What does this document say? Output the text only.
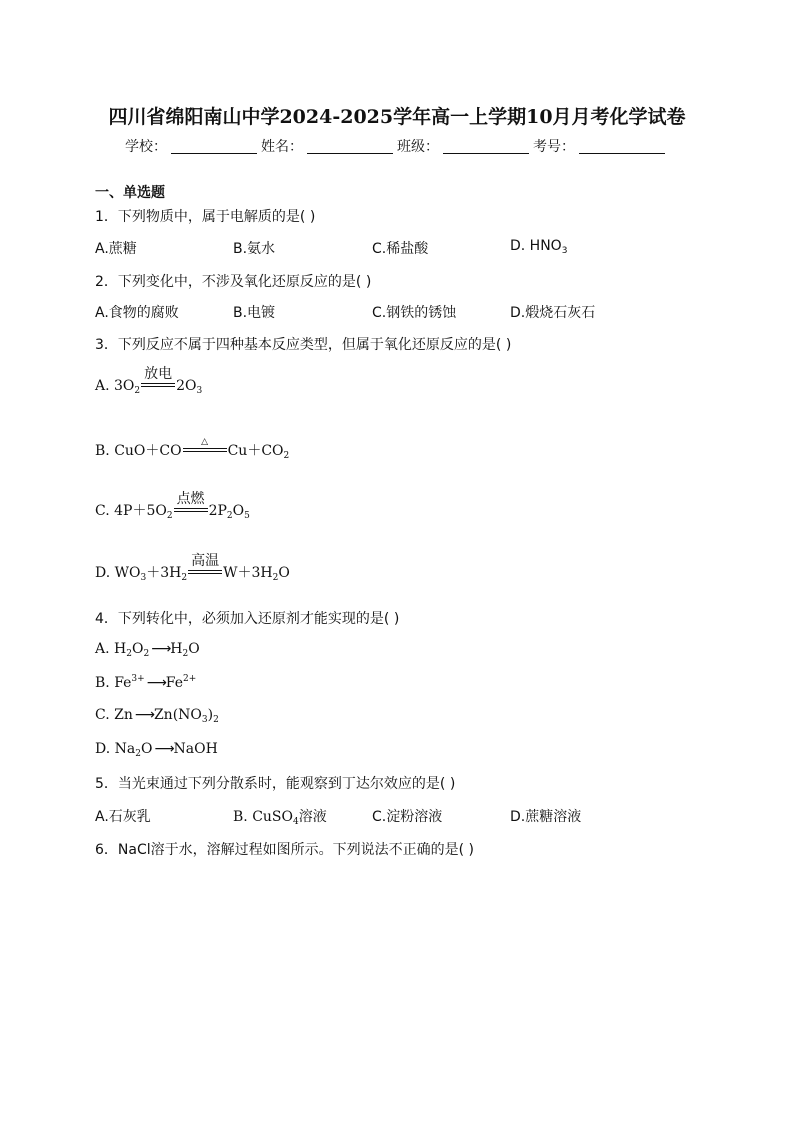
四川省绵阳南山中学2024-2025学年高一上学期10月月考化学试卷
学校：	姓名：	班级：	考号：
一、单选题
1．下列物质中，属于电解质的是( )
A.蔗糖	B.氨水	C.稀盐酸	D. $HNO_3$
2．下列变化中，不涉及氧化还原反应的是( )
A.食物的腐败	B.电镀	C.钢铁的锈蚀	D.煅烧石灰石
3．下列反应不属于四种基本反应类型，但属于氧化还原反应的是( )
A. $3O_2$
放电
$2O_3$
B. CuO＋CO
△
$Cu+CO_2$
C. $4P+5O_2$
点燃
$2P_2O_5$
D. $WO_3+3H_2$
高温
$W+3H_2O$
4．下列转化中，必须加入还原剂才能实现的是( )
A. $H_2O_2$ ⟶ $H_2O$
B. $Fe^{3+}$ ⟶ $Fe^{2+}$
C. Zn ⟶ $Zn(NO_3)_2$
D. $Na_2O$ ⟶ NaOH
5．当光束通过下列分散系时，能观察到丁达尔效应的是( )
A.石灰乳	B. CuSO$_4$溶液	C.淀粉溶液	D.蔗糖溶液
6．NaCl溶于水，溶解过程如图所示。下列说法不正确的是( )
